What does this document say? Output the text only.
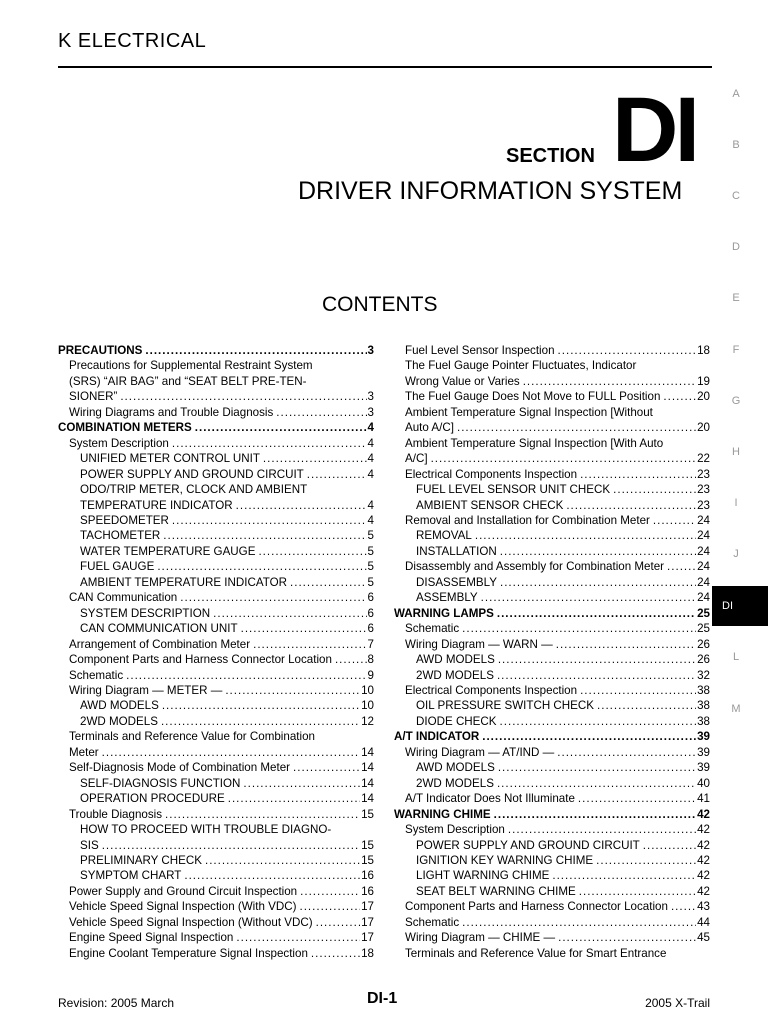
K ELECTRICAL
A
B
C
D
E
F
G
H
I
J
L
M
DI
SECTION DI
DRIVER INFORMATION SYSTEM
CONTENTS
PRECAUTIONS .....	3
Precautions for Supplemental Restraint System
(SRS) “AIR BAG” and “SEAT BELT PRE-TEN-
SIONER” .....	3
Wiring Diagrams and Trouble Diagnosis .....	3
COMBINATION METERS .....	4
System Description .....	4
UNIFIED METER CONTROL UNIT .....	4
POWER SUPPLY AND GROUND CIRCUIT .....	4
ODO/TRIP METER, CLOCK AND AMBIENT
TEMPERATURE INDICATOR .....	4
SPEEDOMETER .....	4
TACHOMETER .....	5
WATER TEMPERATURE GAUGE .....	5
FUEL GAUGE .....	5
AMBIENT TEMPERATURE INDICATOR .....	5
CAN Communication .....	6
SYSTEM DESCRIPTION .....	6
CAN COMMUNICATION UNIT .....	6
Arrangement of Combination Meter .....	7
Component Parts and Harness Connector Location .....	8
Schematic .....	9
Wiring Diagram — METER — .....	10
AWD MODELS .....	10
2WD MODELS .....	12
Terminals and Reference Value for Combination
Meter .....	14
Self-Diagnosis Mode of Combination Meter .....	14
SELF-DIAGNOSIS FUNCTION .....	14
OPERATION PROCEDURE .....	14
Trouble Diagnosis .....	15
HOW TO PROCEED WITH TROUBLE DIAGNO-
SIS .....	15
PRELIMINARY CHECK .....	15
SYMPTOM CHART .....	16
Power Supply and Ground Circuit Inspection .....	16
Vehicle Speed Signal Inspection (With VDC) .....	17
Vehicle Speed Signal Inspection (Without VDC) .....	17
Engine Speed Signal Inspection .....	17
Engine Coolant Temperature Signal Inspection .....	18
Fuel Level Sensor Inspection .....	18
The Fuel Gauge Pointer Fluctuates, Indicator
Wrong Value or Varies .....	19
The Fuel Gauge Does Not Move to FULL Position .....	20
Ambient Temperature Signal Inspection [Without
Auto A/C] .....	20
Ambient Temperature Signal Inspection [With Auto
A/C] .....	22
Electrical Components Inspection .....	23
FUEL LEVEL SENSOR UNIT CHECK .....	23
AMBIENT SENSOR CHECK .....	23
Removal and Installation for Combination Meter .....	24
REMOVAL .....	24
INSTALLATION .....	24
Disassembly and Assembly for Combination Meter .....	24
DISASSEMBLY .....	24
ASSEMBLY .....	24
WARNING LAMPS .....	25
Schematic .....	25
Wiring Diagram — WARN — .....	26
AWD MODELS .....	26
2WD MODELS .....	32
Electrical Components Inspection .....	38
OIL PRESSURE SWITCH CHECK .....	38
DIODE CHECK .....	38
A/T INDICATOR .....	39
Wiring Diagram — AT/IND — .....	39
AWD MODELS .....	39
2WD MODELS .....	40
A/T Indicator Does Not Illuminate .....	41
WARNING CHIME .....	42
System Description .....	42
POWER SUPPLY AND GROUND CIRCUIT .....	42
IGNITION KEY WARNING CHIME .....	42
LIGHT WARNING CHIME .....	42
SEAT BELT WARNING CHIME .....	42
Component Parts and Harness Connector Location .....	43
Schematic .....	44
Wiring Diagram — CHIME — .....	45
Terminals and Reference Value for Smart Entrance
Revision: 2005 March	DI-1	2005 X-Trail
